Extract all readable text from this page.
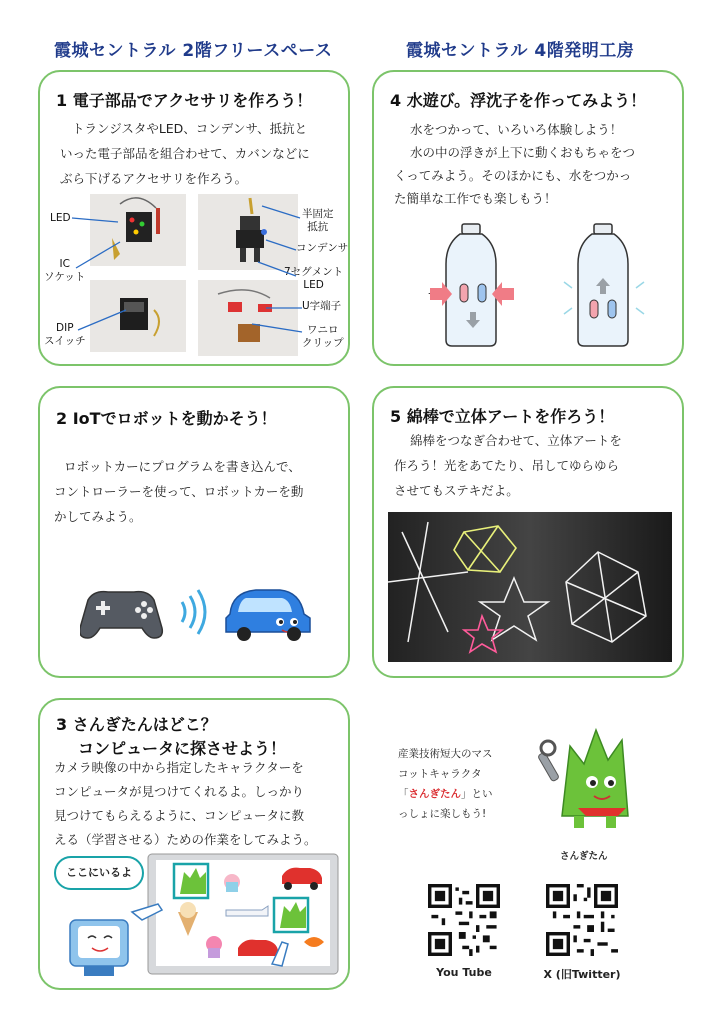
霞城セントラル 2階フリースペース	霞城セントラル 4階発明工房
1 電子部品でアクセサリを作ろう！
トランジスタやLED、コンデンサ、抵抗と
いった電子部品を組合わせて、カバンなどに
ぶら下げるアクセサリを作ろう。
LED
IC
ソケット
DIP
スイッチ
半固定
抵抗
コンデンサ
7セグメント
LED
U字端子
ワニロ
クリップ
4 水遊び。浮沈子を作ってみよう！
水をつかって、いろいろ体験しよう！
水の中の浮きが上下に動くおもちゃをつ
くってみよう。そのほかにも、水をつかっ
た簡単な工作でも楽しもう！
2 IoTでロボットを動かそう！
ロボットカーにプログラムを書き込んで、
コントローラーを使って、ロボットカーを動
かしてみよう。
5 綿棒で立体アートを作ろう！
綿棒をつなぎ合わせて、立体アートを
作ろう！光をあてたり、吊してゆらゆら
させてもステキだよ。
3 さんぎたんはどこ？
コンピュータに探させよう！
カメラ映像の中から指定したキャラクターを
コンピュータが見つけてくれるよ。しっかり
見つけてもらえるように、コンピュータに教
える（学習させる）ための作業をしてみよう。
ここにいるよ
産業技術短大のマス
コットキャラクタ
「さんぎたん」とい
っしょに楽しもう!
さんぎたん
You Tube	X (旧Twitter)
